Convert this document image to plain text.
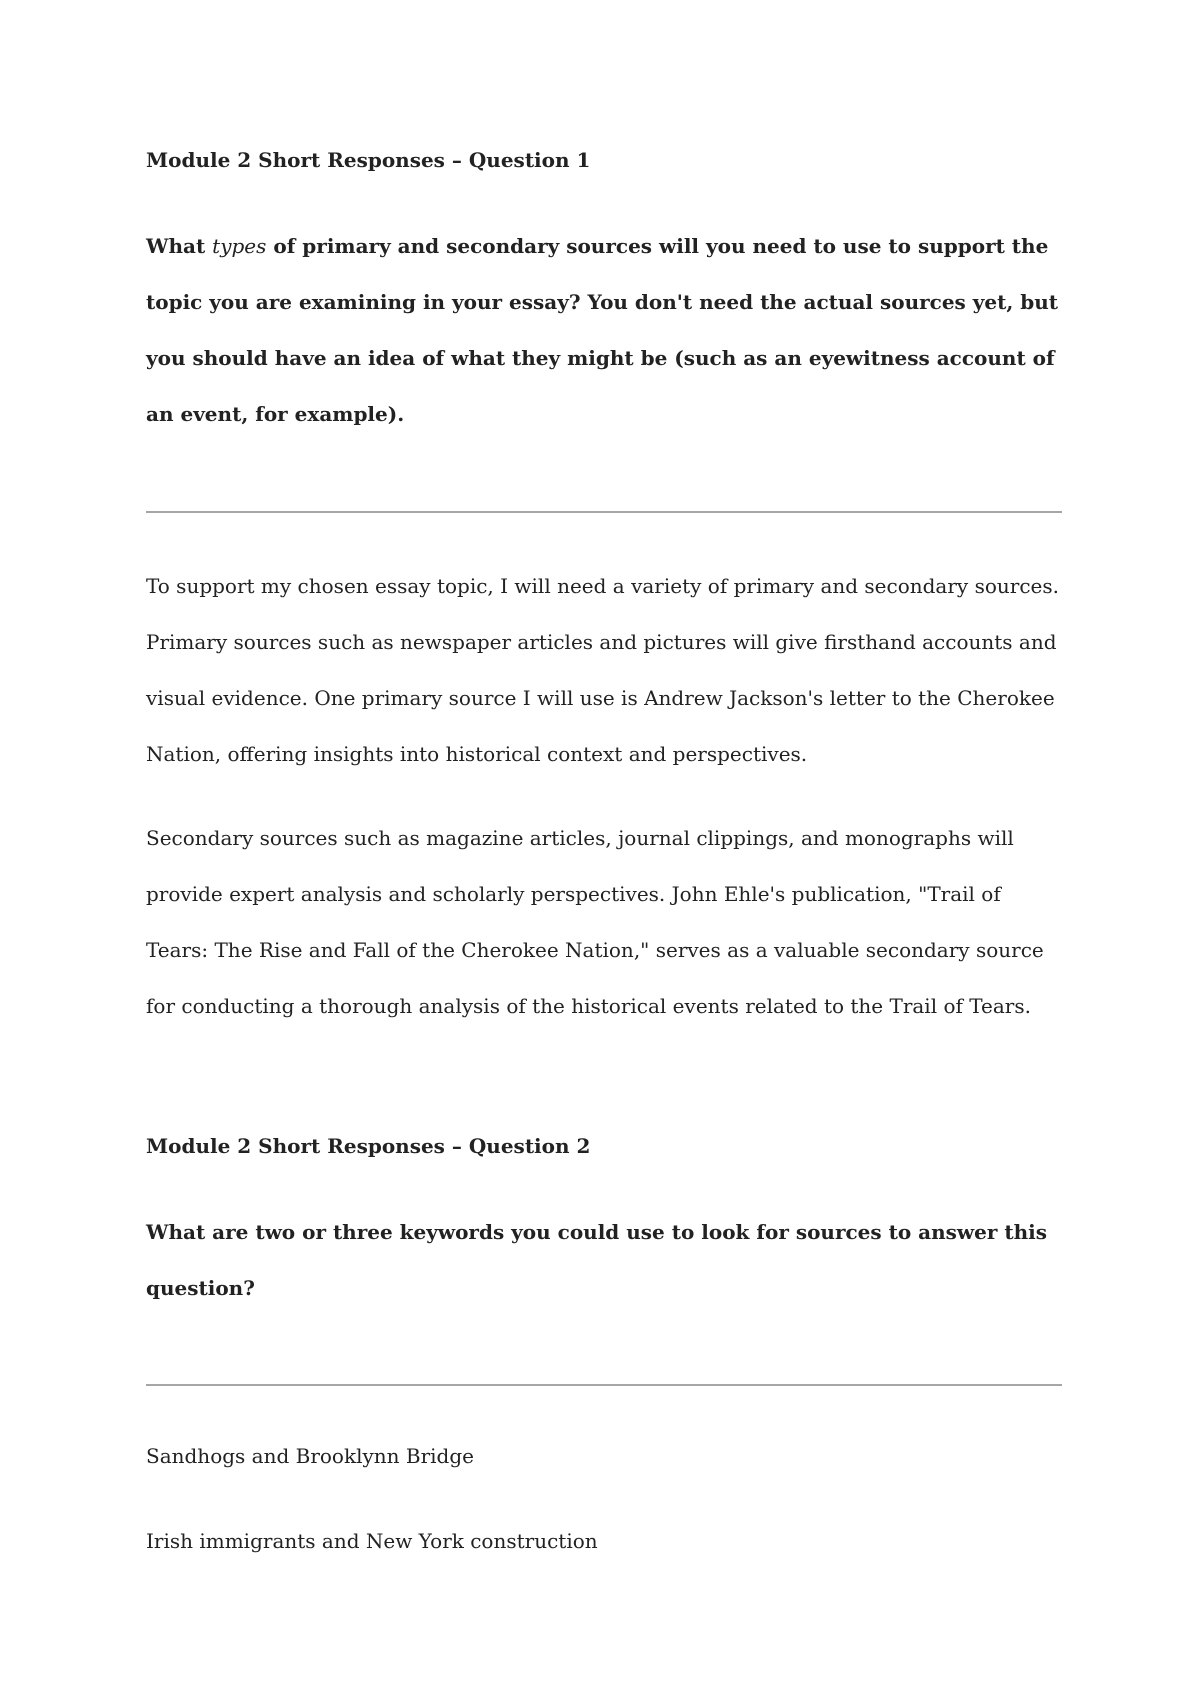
Module 2 Short Responses – Question 1

What types of primary and secondary sources will you need to use to support the topic you are examining in your essay? You don't need the actual sources yet, but you should have an idea of what they might be (such as an eyewitness account of an event, for example).

To support my chosen essay topic, I will need a variety of primary and secondary sources. Primary sources such as newspaper articles and pictures will give firsthand accounts and visual evidence. One primary source I will use is Andrew Jackson's letter to the Cherokee Nation, offering insights into historical context and perspectives.

Secondary sources such as magazine articles, journal clippings, and monographs will provide expert analysis and scholarly perspectives. John Ehle's publication, "Trail of Tears: The Rise and Fall of the Cherokee Nation," serves as a valuable secondary source for conducting a thorough analysis of the historical events related to the Trail of Tears.

Module 2 Short Responses – Question 2

What are two or three keywords you could use to look for sources to answer this question?

Sandhogs and Brooklynn Bridge

Irish immigrants and New York construction
